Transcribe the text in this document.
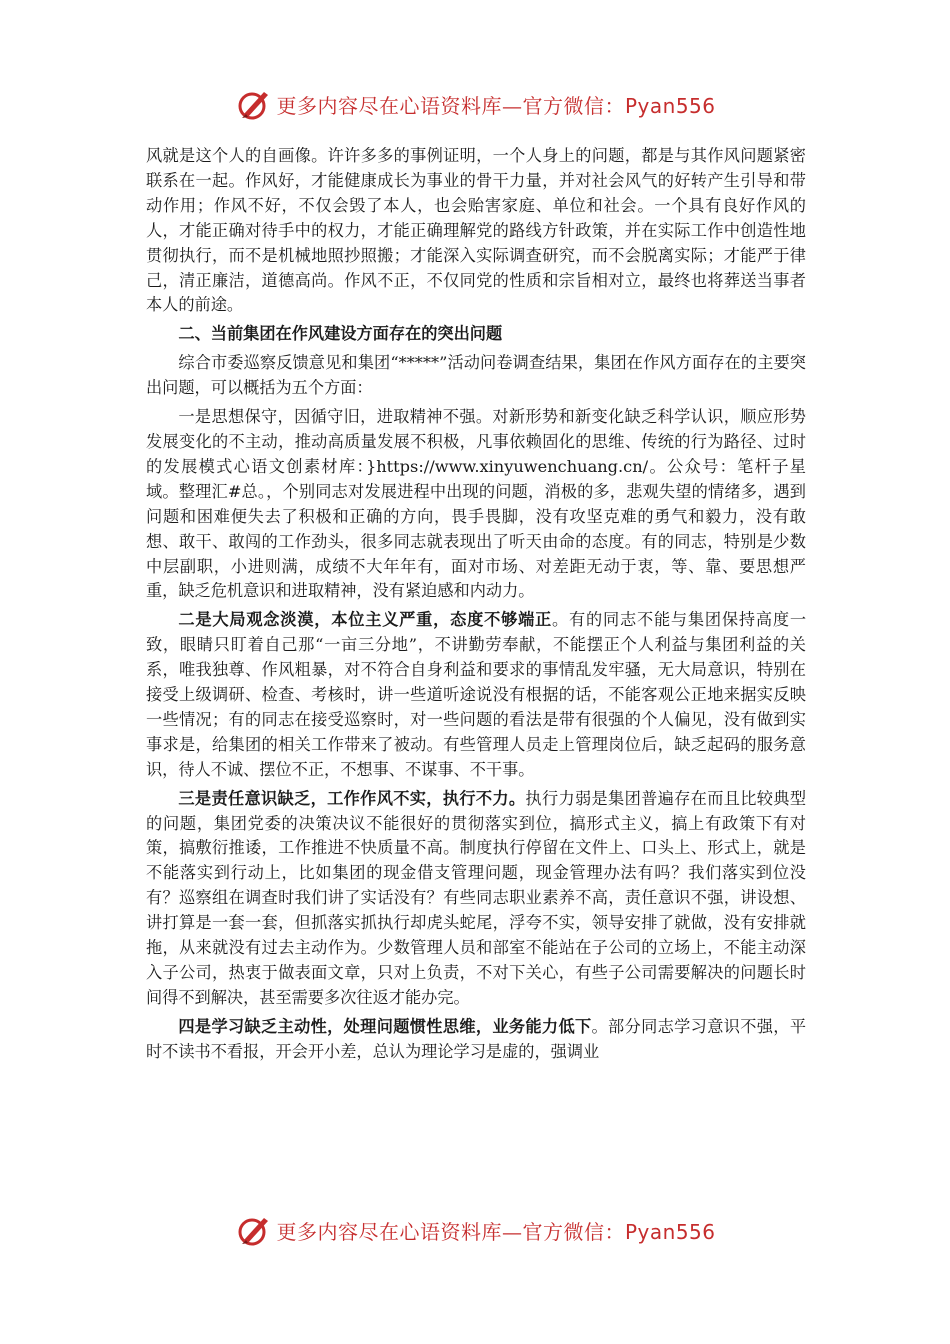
更多内容尽在心语资料库—官方微信：Pyan556

风就是这个人的自画像。许许多多的事例证明，一个人身上的问题，都是与其作风问题紧密联系在一起。作风好，才能健康成长为事业的骨干力量，并对社会风气的好转产生引导和带动作用；作风不好，不仅会毁了本人，也会贻害家庭、单位和社会。一个具有良好作风的人，才能正确对待手中的权力，才能正确理解党的路线方针政策，并在实际工作中创造性地贯彻执行，而不是机械地照抄照搬；才能深入实际调查研究，而不会脱离实际；才能严于律己，清正廉洁，道德高尚。作风不正，不仅同党的性质和宗旨相对立，最终也将葬送当事者本人的前途。

二、当前集团在作风建设方面存在的突出问题

综合市委巡察反馈意见和集团“*****”活动问卷调查结果，集团在作风方面存在的主要突出问题，可以概括为五个方面：

一是思想保守，因循守旧，进取精神不强。对新形势和新变化缺乏科学认识，顺应形势发展变化的不主动，推动高质量发展不积极，凡事依赖固化的思维、传统的行为路径、过时的发展模式心语文创素材库：}https://www.xinyuwenchuang.cn/。公众号：笔杆子星域。整理汇#总。，个别同志对发展进程中出现的问题，消极的多，悲观失望的情绪多，遇到问题和困难便失去了积极和正确的方向，畏手畏脚，没有攻坚克难的勇气和毅力，没有敢想、敢干、敢闯的工作劲头，很多同志就表现出了听天由命的态度。有的同志，特别是少数中层副职，小进则满，成绩不大年年有，面对市场、对差距无动于衷，等、靠、要思想严重，缺乏危机意识和进取精神，没有紧迫感和内动力。

二是大局观念淡漠，本位主义严重，态度不够端正。有的同志不能与集团保持高度一致，眼睛只盯着自己那“一亩三分地”，不讲勤劳奉献，不能摆正个人利益与集团利益的关系，唯我独尊、作风粗暴，对不符合自身利益和要求的事情乱发牢骚，无大局意识，特别在接受上级调研、检查、考核时，讲一些道听途说没有根据的话，不能客观公正地来据实反映一些情况；有的同志在接受巡察时，对一些问题的看法是带有很强的个人偏见，没有做到实事求是，给集团的相关工作带来了被动。有些管理人员走上管理岗位后，缺乏起码的服务意识，待人不诚、摆位不正，不想事、不谋事、不干事。

三是责任意识缺乏，工作作风不实，执行不力。执行力弱是集团普遍存在而且比较典型的问题，集团党委的决策决议不能很好的贯彻落实到位，搞形式主义，搞上有政策下有对策，搞敷衍推诿，工作推进不快质量不高。制度执行停留在文件上、口头上、形式上，就是不能落实到行动上，比如集团的现金借支管理问题，现金管理办法有吗？我们落实到位没有？巡察组在调查时我们讲了实话没有？有些同志职业素养不高，责任意识不强，讲设想、讲打算是一套一套，但抓落实抓执行却虎头蛇尾，浮夸不实，领导安排了就做，没有安排就拖，从来就没有过去主动作为。少数管理人员和部室不能站在子公司的立场上，不能主动深入子公司，热衷于做表面文章，只对上负责，不对下关心，有些子公司需要解决的问题长时间得不到解决，甚至需要多次往返才能办完。

四是学习缺乏主动性，处理问题惯性思维，业务能力低下。部分同志学习意识不强，平时不读书不看报，开会开小差，总认为理论学习是虚的，强调业

更多内容尽在心语资料库—官方微信：Pyan556
